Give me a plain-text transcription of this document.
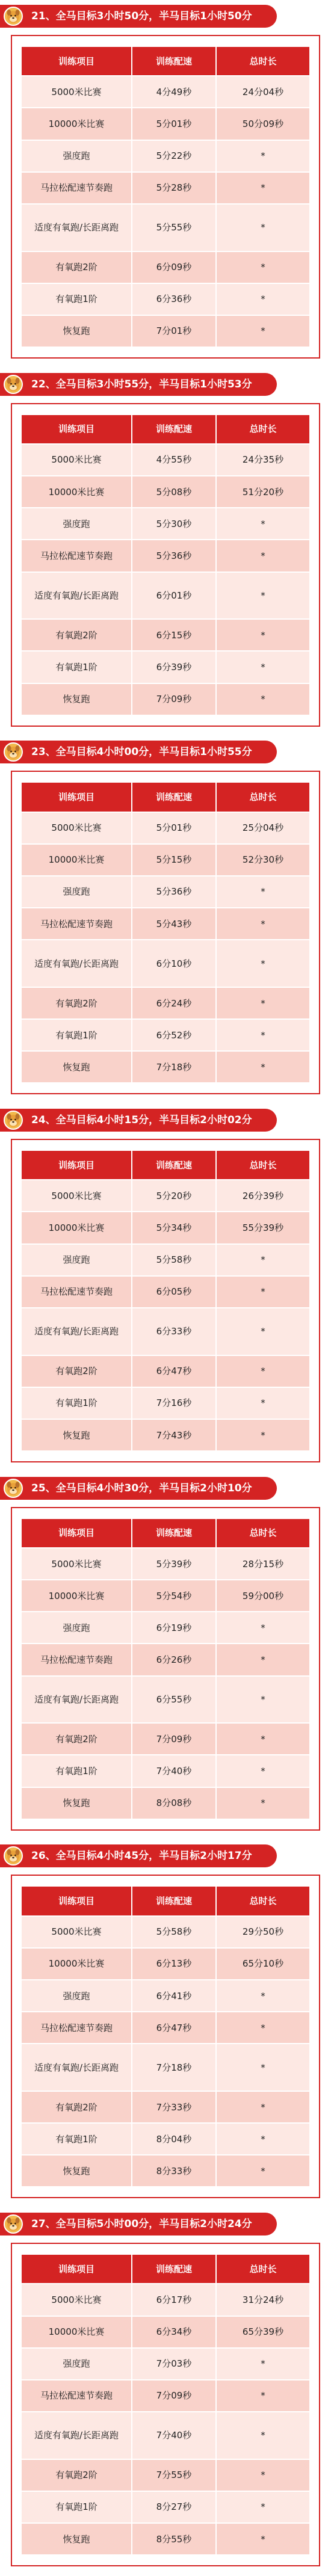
21、全马目标3小时50分，半马目标1小时50分
训练项目	训练配速	总时长
5000米比赛	4分49秒	24分04秒
10000米比赛	5分01秒	50分09秒
强度跑	5分22秒	*
马拉松配速节奏跑	5分28秒	*
适度有氧跑/长距离跑	5分55秒	*
有氧跑2阶	6分09秒	*
有氧跑1阶	6分36秒	*
恢复跑	7分01秒	*
22、全马目标3小时55分，半马目标1小时53分
训练项目	训练配速	总时长
5000米比赛	4分55秒	24分35秒
10000米比赛	5分08秒	51分20秒
强度跑	5分30秒	*
马拉松配速节奏跑	5分36秒	*
适度有氧跑/长距离跑	6分01秒	*
有氧跑2阶	6分15秒	*
有氧跑1阶	6分39秒	*
恢复跑	7分09秒	*
23、全马目标4小时00分，半马目标1小时55分
训练项目	训练配速	总时长
5000米比赛	5分01秒	25分04秒
10000米比赛	5分15秒	52分30秒
强度跑	5分36秒	*
马拉松配速节奏跑	5分43秒	*
适度有氧跑/长距离跑	6分10秒	*
有氧跑2阶	6分24秒	*
有氧跑1阶	6分52秒	*
恢复跑	7分18秒	*
24、全马目标4小时15分，半马目标2小时02分
训练项目	训练配速	总时长
5000米比赛	5分20秒	26分39秒
10000米比赛	5分34秒	55分39秒
强度跑	5分58秒	*
马拉松配速节奏跑	6分05秒	*
适度有氧跑/长距离跑	6分33秒	*
有氧跑2阶	6分47秒	*
有氧跑1阶	7分16秒	*
恢复跑	7分43秒	*
25、全马目标4小时30分，半马目标2小时10分
训练项目	训练配速	总时长
5000米比赛	5分39秒	28分15秒
10000米比赛	5分54秒	59分00秒
强度跑	6分19秒	*
马拉松配速节奏跑	6分26秒	*
适度有氧跑/长距离跑	6分55秒	*
有氧跑2阶	7分09秒	*
有氧跑1阶	7分40秒	*
恢复跑	8分08秒	*
26、全马目标4小时45分，半马目标2小时17分
训练项目	训练配速	总时长
5000米比赛	5分58秒	29分50秒
10000米比赛	6分13秒	65分10秒
强度跑	6分41秒	*
马拉松配速节奏跑	6分47秒	*
适度有氧跑/长距离跑	7分18秒	*
有氧跑2阶	7分33秒	*
有氧跑1阶	8分04秒	*
恢复跑	8分33秒	*
27、全马目标5小时00分，半马目标2小时24分
训练项目	训练配速	总时长
5000米比赛	6分17秒	31分24秒
10000米比赛	6分34秒	65分39秒
强度跑	7分03秒	*
马拉松配速节奏跑	7分09秒	*
适度有氧跑/长距离跑	7分40秒	*
有氧跑2阶	7分55秒	*
有氧跑1阶	8分27秒	*
恢复跑	8分55秒	*
